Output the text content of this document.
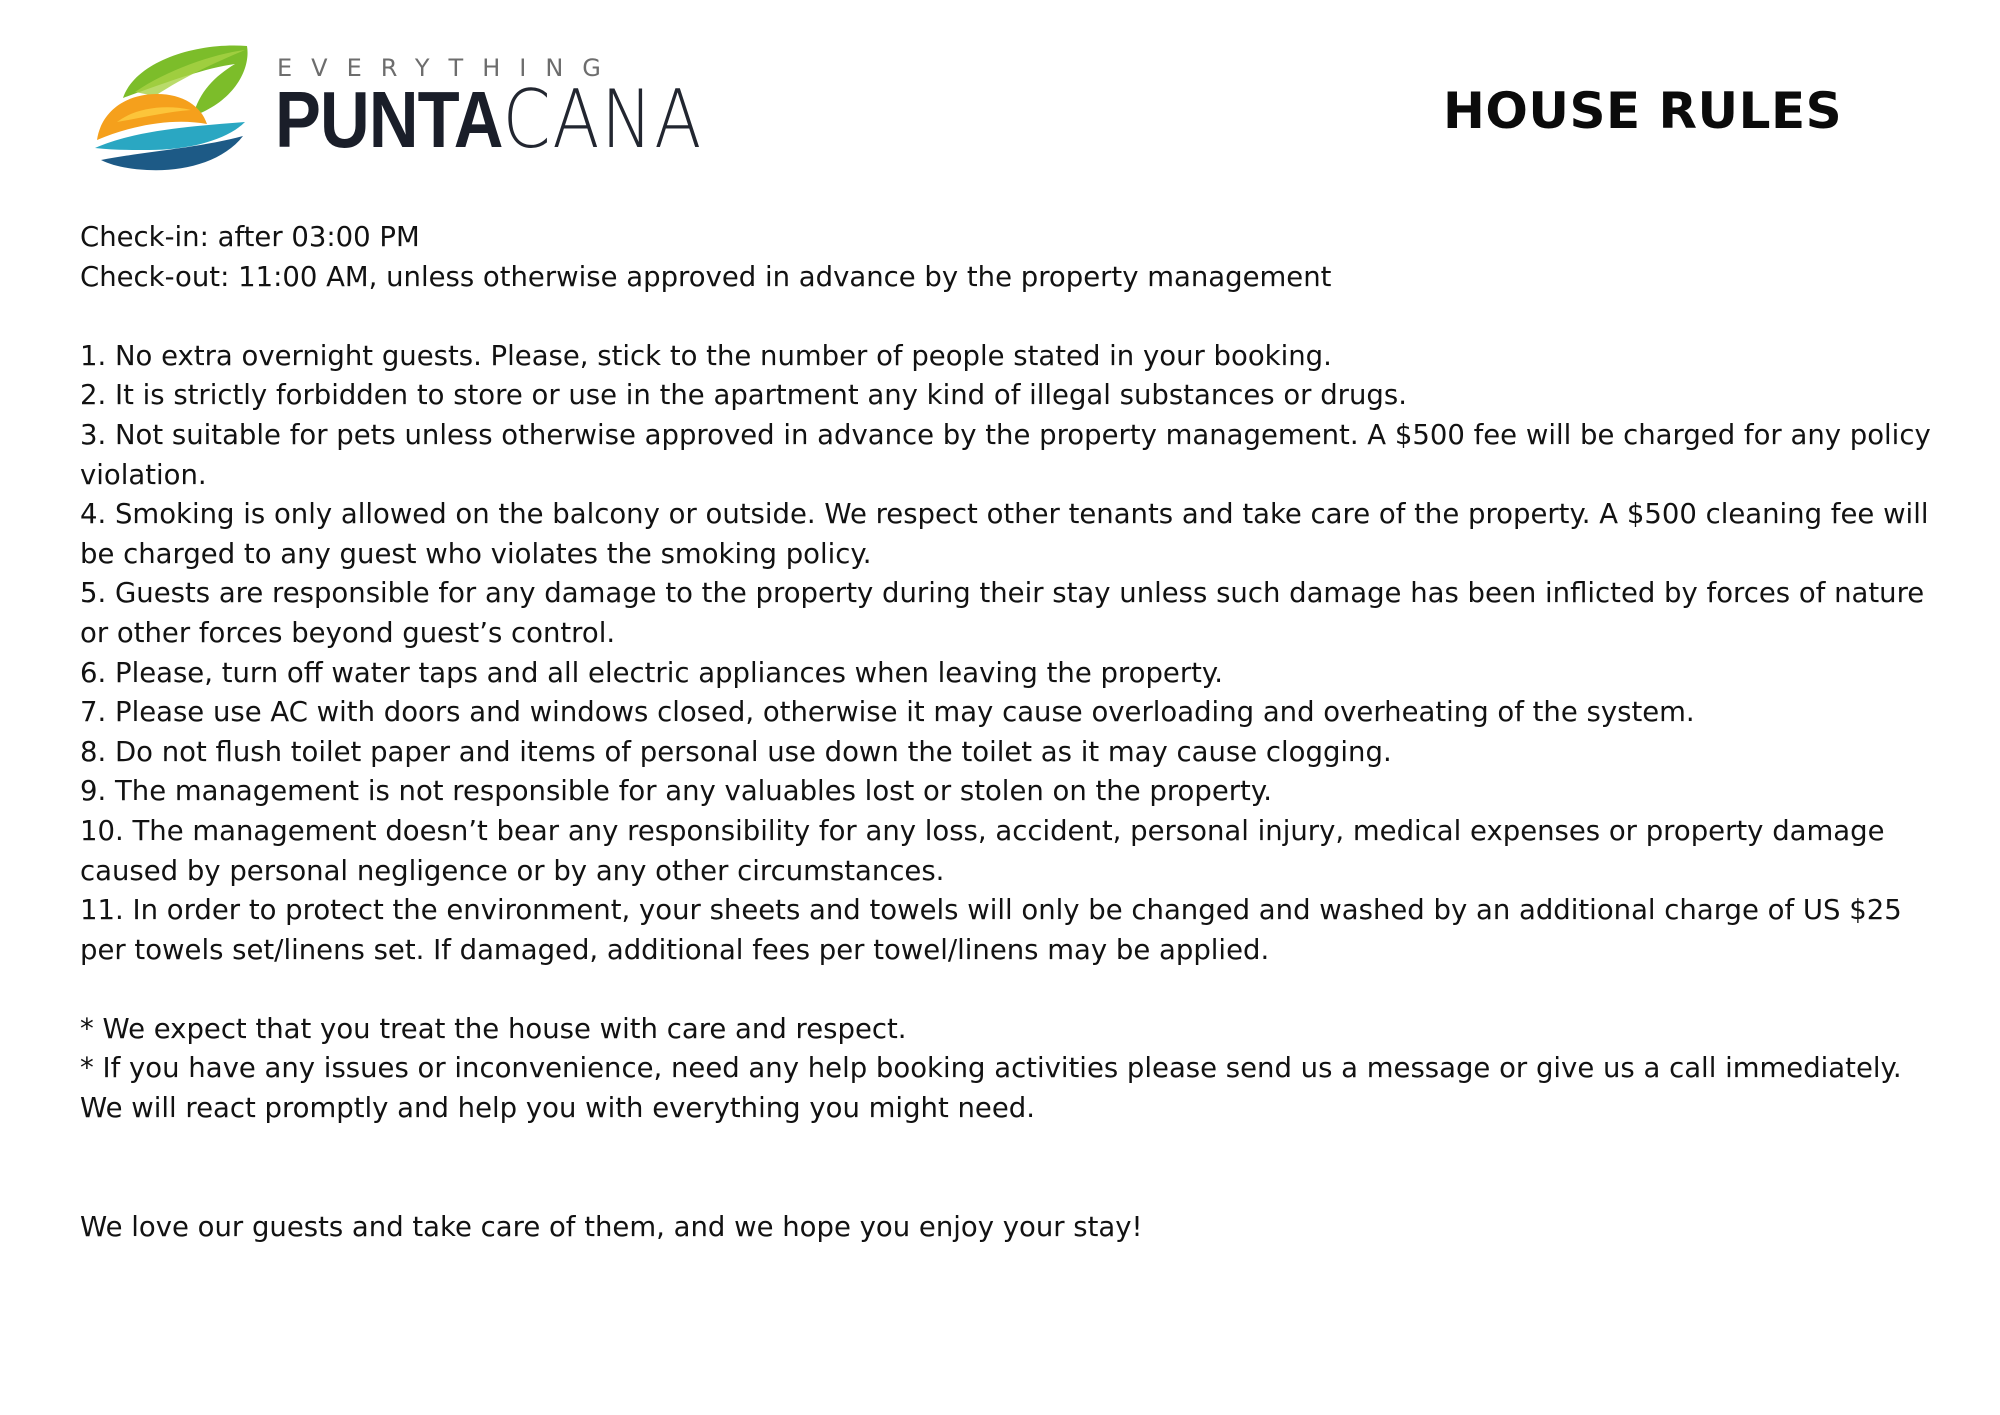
EVERYTHING
PUNTACANA	HOUSE RULES

Check-in: after 03:00 PM

Check-out: 11:00 AM, unless otherwise approved in advance by the property management

1. No extra overnight guests. Please, stick to the number of people stated in your booking.

2. It is strictly forbidden to store or use in the apartment any kind of illegal substances or drugs.

3. Not suitable for pets unless otherwise approved in advance by the property management. A $500 fee will be charged for any policy violation.

4. Smoking is only allowed on the balcony or outside. We respect other tenants and take care of the property. A $500 cleaning fee will be charged to any guest who violates the smoking policy.

5. Guests are responsible for any damage to the property during their stay unless such damage has been inflicted by forces of nature or other forces beyond guest’s control.

6. Please, turn off water taps and all electric appliances when leaving the property.

7. Please use AC with doors and windows closed, otherwise it may cause overloading and overheating of the system.

8. Do not flush toilet paper and items of personal use down the toilet as it may cause clogging.

9. The management is not responsible for any valuables lost or stolen on the property.

10. The management doesn’t bear any responsibility for any loss, accident, personal injury, medical expenses or property damage caused by personal negligence or by any other circumstances.

11. In order to protect the environment, your sheets and towels will only be changed and washed by an additional charge of US $25 per towels set/linens set. If damaged, additional fees per towel/linens may be applied.

* We expect that you treat the house with care and respect.

* If you have any issues or inconvenience, need any help booking activities please send us a message or give us a call immediately. We will react promptly and help you with everything you might need.

We love our guests and take care of them, and we hope you enjoy your stay!
